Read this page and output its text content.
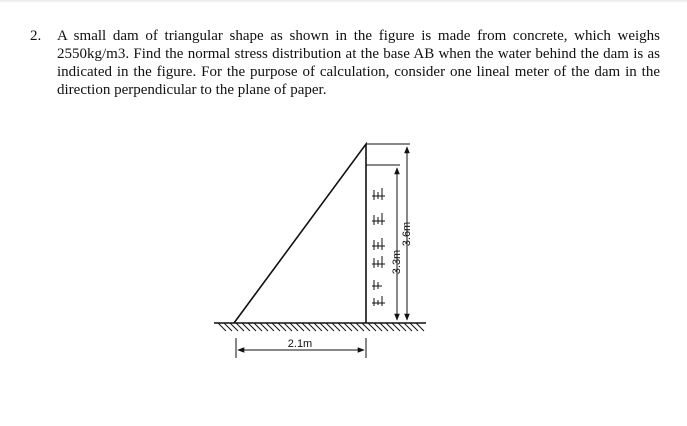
2. A small dam of triangular shape as shown in the figure is made from concrete, which weighs 2550kg/m3. Find the normal stress distribution at the base AB when the water behind the dam is as indicated in the figure. For the purpose of calculation, consider one lineal meter of the dam in the direction perpendicular to the plane of paper.
3.3m
3.6m
2.1m
